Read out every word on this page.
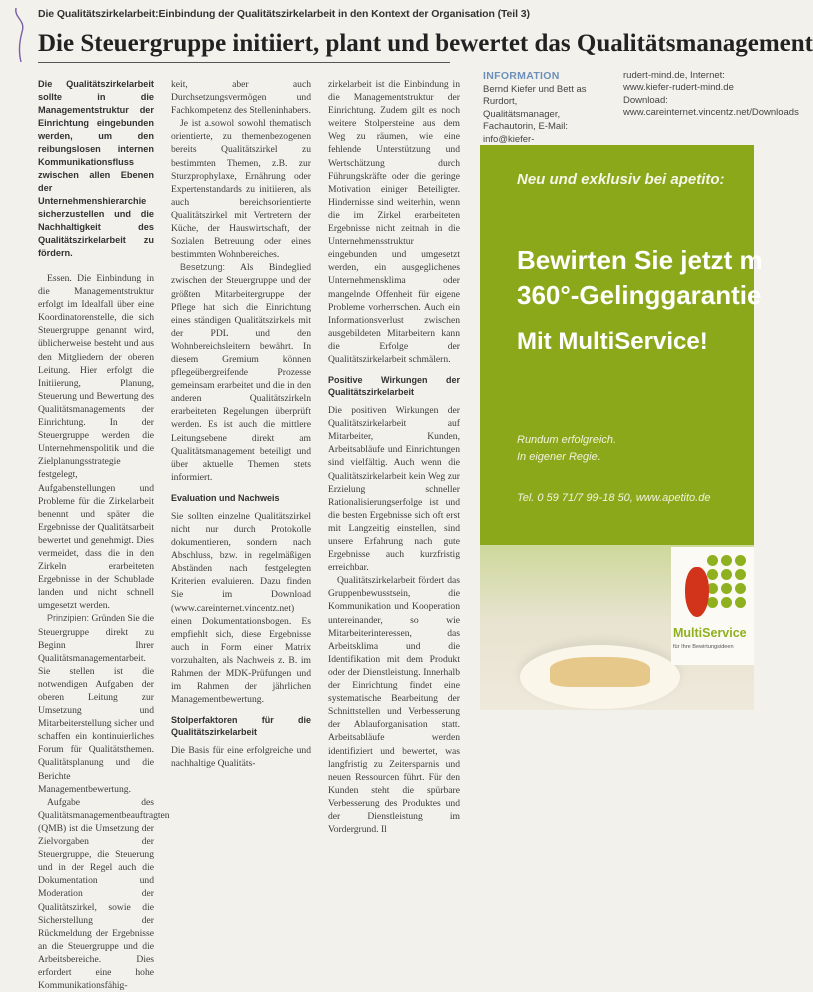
Die Qualitätszirkelarbeit:Einbindung der Qualitätszirkelarbeit in den Kontext der Organisation (Teil 3)
Die Steuergruppe initiiert, plant und bewertet das Qualitätsmanagement

Die Qualitätszirkelarbeit sollte in die Managementstruktur der Einrichtung eingebunden werden, um den reibungslosen internen Kommunikationsfluss zwischen allen Ebenen der Unternehmenshierarchie sicherzustellen und die Nachhaltigkeit des Qualitätszirkelarbeit zu fördern.

Essen. Die Einbindung in die Managementstruktur erfolgt im Idealfall über eine Koordinatorenstelle, die sich Steuergruppe genannt wird, üblicherweise besteht und aus den Mitgliedern der oberen Leitung. Hier erfolgt die Initiierung, Planung, Steuerung und Bewertung des Qualitätsmanagements der Einrichtung. In der Steuergruppe werden die Unternehmenspolitik und die Zielplanungsstrategie festgelegt, Aufgabenstellungen und Probleme für die Zirkelarbeit benennt und später die Ergebnisse der Qualitätsarbeit bewertet und genehmigt. Dies vermeidet, dass die in den Zirkeln erarbeiteten Ergebnisse in der Schublade landen und nicht schnell umgesetzt werden.

Prinzipien: Gründen Sie die Steuergruppe direkt zu Beginn Ihrer Qualitätsmanagementarbeit. Sie stellen ist die notwendigen Aufgaben der oberen Leitung zur Umsetzung und Mitarbeiterstellung sicher und schaffen ein kontinuierliches Forum für Qualitätsthemen. Qualitätsplanung und die Berichte Managementbewertung.

Aufgabe des Qualitätsmanagementbeauftragten (QMB) ist die Umsetzung der Zielvorgaben der Steuergruppe, die Steuerung und in der Regel auch die Dokumentation und Moderation der Qualitätszirkel, sowie die Sicherstellung der Rückmeldung der Ergebnisse an die Steuergruppe und die Arbeitsbereiche. Dies erfordert eine hohe Kommunikationsfähig-

keit, aber auch Durchsetzungsvermögen und Fachkompetenz des Stelleninhabers.

Je ist a.sowol sowohl thematisch orientierte, zu themenbezogenen bereits Qualitätszirkel zu bestimmten Themen, z.B. zur Sturzprophylaxe, Ernährung oder Expertenstandards zu initiieren, als auch bereichsorientierte Qualitätszirkel mit Vertretern der Küche, der Hauswirtschaft, der Sozialen Betreuung oder eines bestimmten Wohnbereiches.

Besetzung: Als Bindeglied zwischen der Steuergruppe und der größten Mitarbeitergruppe der Pflege hat sich die Einrichtung eines ständigen Qualitätszirkels mit der PDL und den Wohnbereichsleitern bewährt. In diesem Gremium können pflegeübergreifende Prozesse gemeinsam erarbeitet und die in den anderen Qualitätszirkeln erarbeiteten Regelungen überprüft werden. Es ist auch die mittlere Leitungsebene direkt am Qualitätsmanagement beteiligt und über aktuelle Themen stets informiert.

Evaluation und Nachweis

Sie sollten einzelne Qualitätszirkel nicht nur durch Protokolle dokumentieren, sondern nach Abschluss, bzw. in regelmäßigen Abständen nach festgelegten Kriterien evaluieren. Dazu finden Sie im Download (www.careinternet.vincentz.net) einen Dokumentationsbogen. Es empfiehlt sich, diese Ergebnisse auch in Form einer Matrix vorzuhalten, als Nachweis z. B. im Rahmen der MDK-Prüfungen und im Rahmen der jährlichen Managementbewertung.

Stolperfaktoren für die Qualitätszirkelarbeit

Die Basis für eine erfolgreiche und nachhaltige Qualitäts-

zirkelarbeit ist die Einbindung in die Managementstruktur der Einrichtung. Zudem gilt es noch weitere Stolpersteine aus dem Weg zu räumen, wie eine fehlende Unterstützung und Wertschätzung durch Führungskräfte oder die geringe Motivation einiger Beteiligter. Hindernisse sind weiterhin, wenn die im Zirkel erarbeiteten Ergebnisse nicht zeitnah in die Unternehmensstruktur eingebunden und umgesetzt werden, ein ausgeglichenes Unternehmensklima oder mangelnde Offenheit für eigene Probleme vorherrschen. Auch ein Informationsverlust zwischen ausgebildeten Mitarbeitern kann die Erfolge der Qualitätszirkelarbeit schmälern.

Positive Wirkungen der Qualitätszirkelarbeit

Die positiven Wirkungen der Qualitätszirkelarbeit auf Mitarbeiter, Kunden, Arbeitsabläufe und Einrichtungen sind vielfältig. Auch wenn die Qualitätszirkelarbeit kein Weg zur Erzielung schneller Rationalisierungserfolge ist und die besten Ergebnisse sich oft erst mit Langzeitig einstellen, sind unsere Erfahrung nach gute Ergebnisse auch kurzfristig erreichbar.

Qualitätszirkelarbeit fördert das Gruppenbewusstsein, die Kommunikation und Kooperation untereinander, so wie Mitarbeiterinteressen, das Arbeitsklima und die Identifikation mit dem Produkt oder der Dienstleistung. Innerhalb der Einrichtung findet eine systematische Bearbeitung der Schnittstellen und Verbesserung der Ablauforganisation statt. Arbeitsabläufe werden identifiziert und bewertet, was langfristig zu Zeitersparnis und neuen Ressourcen führt. Für den Kunden steht die spürbare Verbesserung des Produktes und der Dienstleistung im Vordergrund. Il

INFORMATION
Bernd Kiefer und Bett as Rurdort, Qualitätsmanager, Fachautorin, E-Mail: info@kiefer-
rudert-mind.de, Internet: www.kiefer-rudert-mind.de Download: www.careinternet.vincentz.net/Downloads
Neu und exklusiv bei apetito:
Bewirten Sie jetzt m
360°-Gelinggarantie
Mit MultiService!
Rundum erfolgreich.
In eigener Regie.
Tel. 0 59 71/7 99-18 50, www.apetito.de
MultiService
für Ihre Bewirtungsideen
